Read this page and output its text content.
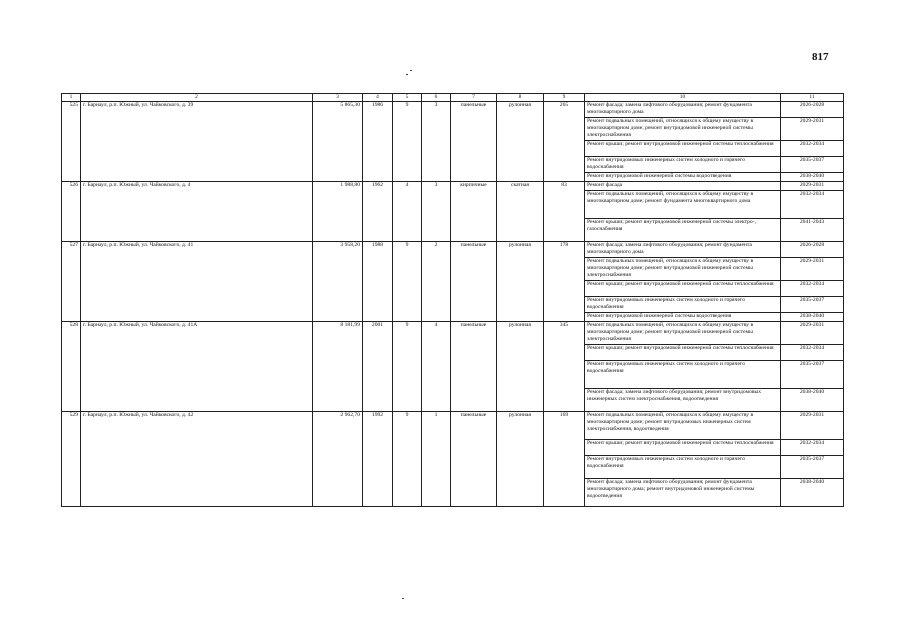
817
1	2	3	4	5	6	7	8	9	10	11
525	г. Барнаул, р.п. Южный, ул. Чайковского, д. 39	5 865,30	1986	9	3	панельные	рулонная	265	Ремонт фасада; замена лифтового оборудования; ремонт фундамента многоквартирного дома	2026-2028
									Ремонт подвальных помещений, относящихся к общему имуществу в многоквартирном доме; ремонт внутридомовой инженерной системы электроснабжения	2029-2031
									Ремонт крыши; ремонт внутридомовой инженерной системы теплоснабжения	2032-2034
									Ремонт внутридомовых инженерных систем холодного и горячего водоснабжения	2035-2037
									Ремонт внутридомовой инженерной системы водоотведения	2038-2040
526	г. Барнаул, р.п. Южный, ул. Чайковского, д. 4	1 988,80	1962	4	3	кирпичные	скатная	83	Ремонт фасада	2029-2031
									Ремонт подвальных помещений, относящихся к общему имуществу в многоквартирном доме; ремонт фундамента многоквартирного дома	2032-2034
									Ремонт крыши; ремонт внутридомовой инженерной системы электро-, газоснабжения	2041-2043
527	г. Барнаул, р.п. Южный, ул. Чайковского, д. 41	3 958,20	1988	9	2	панельные	рулонная	178	Ремонт фасада; замена лифтового оборудования; ремонт фундамента многоквартирного дома	2026-2028
									Ремонт подвальных помещений, относящихся к общему имуществу в многоквартирном доме; ремонт внутридомовой инженерной системы электроснабжения	2029-2031
									Ремонт крыши; ремонт внутридомовой инженерной системы теплоснабжения	2032-2034
									Ремонт внутридомовых инженерных систем холодного и горячего водоснабжения	2035-2037
									Ремонт внутридомовой инженерной системы водоотведения	2038-2040
528	г. Барнаул, р.п. Южный, ул. Чайковского, д. 41А	8 181,99	2001	9	4	панельные	рулонная	345	Ремонт подвальных помещений, относящихся к общему имуществу в многоквартирном доме; ремонт внутридомовой инженерной системы электроснабжения	2029-2031
									Ремонт крыши; ремонт внутридомовой инженерной системы теплоснабжения	2032-2034
									Ремонт внутридомовых инженерных систем холодного и горячего водоснабжения	2035-2037
									Ремонт фасада; замена лифтового оборудования; ремонт внутридомовых инженерных систем электроснабжения, водоотведения	2038-2040
529	г. Барнаул, р.п. Южный, ул. Чайковского, д. 42	2 962,70	1992	9	1	панельные	рулонная	169	Ремонт подвальных помещений, относящихся к общему имуществу в многоквартирном доме; ремонт внутридомовых инженерных систем электроснабжения, водоотведения	2029-2031
									Ремонт крыши; ремонт внутридомовой инженерной системы теплоснабжения	2032-2034
									Ремонт внутридомовых инженерных систем холодного и горячего водоснабжения	2035-2037
									Ремонт фасада; замена лифтового оборудования; ремонт фундамента многоквартирного дома; ремонт внутридомовой инженерной системы водоотведения	2038-2040
